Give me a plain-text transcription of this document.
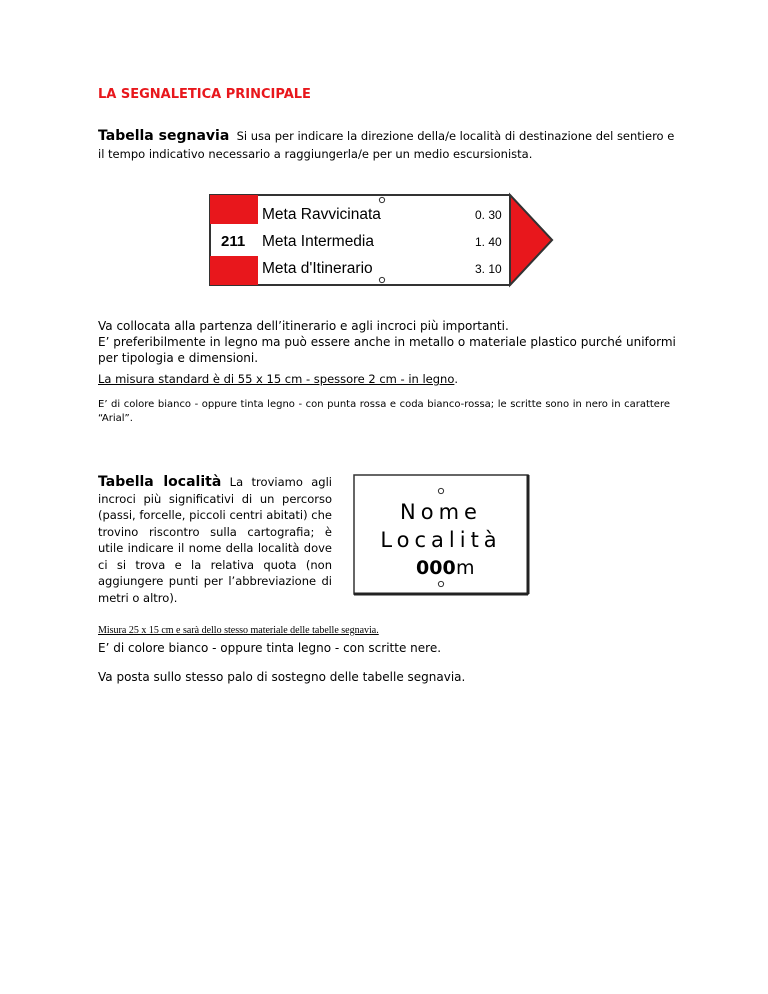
LA SEGNALETICA PRINCIPALE
Tabella segnavia Si usa per indicare la direzione della/e località di destinazione del sentiero e il tempo indicativo necessario a raggiungerla/e per un medio escursionista.
211
Meta Ravvicinata
Meta Intermedia
Meta d'Itinerario
0. 30
1. 40
3. 10
Va collocata alla partenza dell’itinerario e agli incroci più importanti.
E’ preferibilmente in legno ma può essere anche in metallo o materiale plastico purché uniformi per tipologia e dimensioni.
La misura standard è di 55 x 15 cm - spessore 2 cm - in legno.
E’ di colore bianco - oppure tinta legno - con punta rossa e coda bianco-rossa; le scritte sono in nero in carattere “Arial”.
Tabella località La troviamo agli incroci più significativi di un percorso (passi, forcelle, piccoli centri abitati) che trovino riscontro sulla cartografia; è utile indicare il nome della località dove ci si trova e la relativa quota (non aggiungere punti per l’abbreviazione di metri o altro).
Nome
Località
000 m
Misura 25 x 15 cm e sarà dello stesso materiale delle tabelle segnavia.
E’ di colore bianco - oppure tinta legno - con scritte nere.
Va posta sullo stesso palo di sostegno delle tabelle segnavia.
